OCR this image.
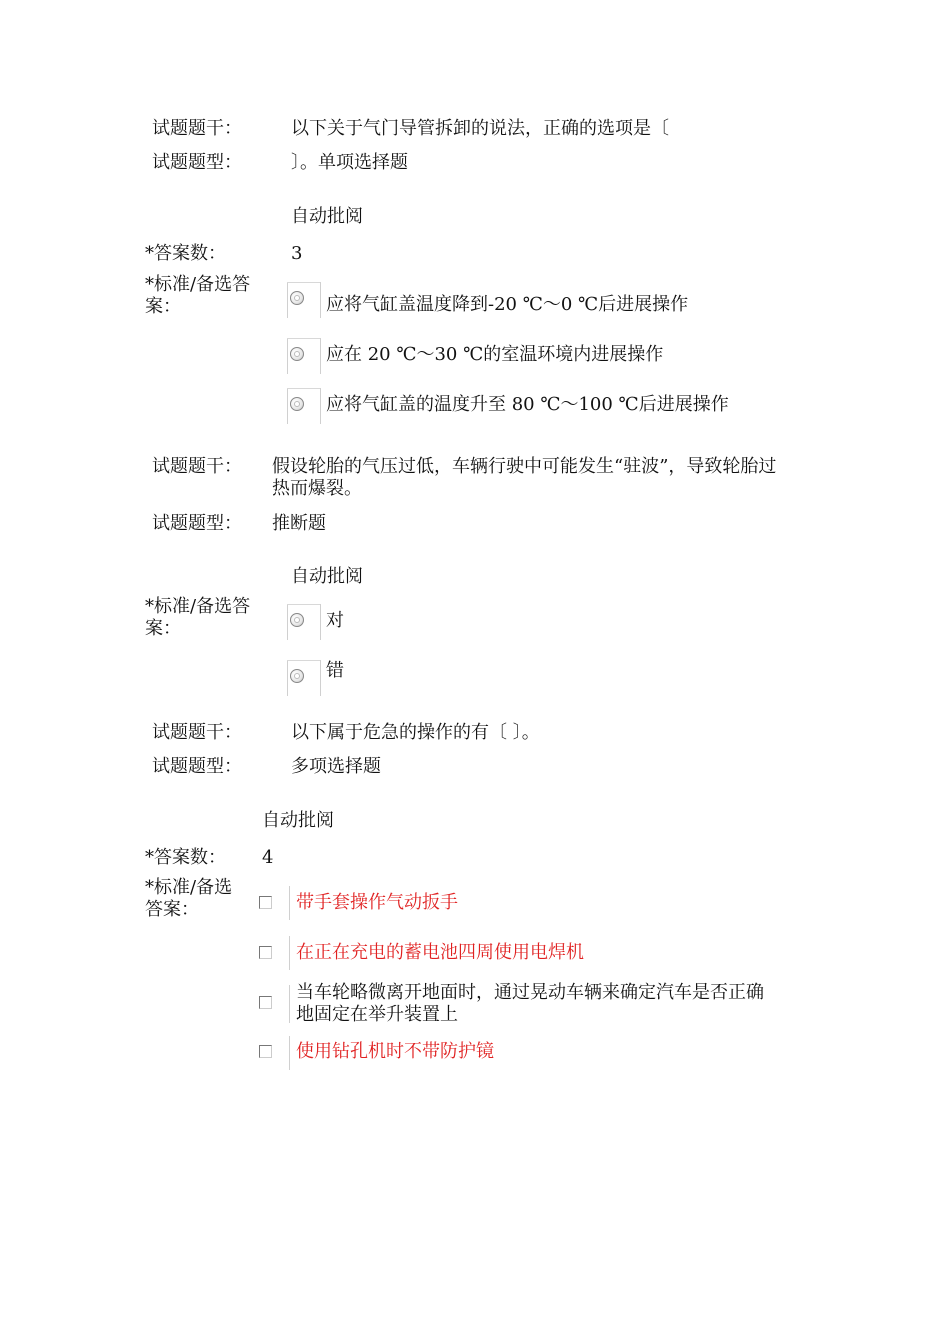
试题题干：	以下关于气门导管拆卸的说法，正确的选项是〔
试题题型：	〕。单项选择题
自动批阅
*答案数：	3
*标准/备选答
案：	应将气缸盖温度降到-20 ℃～0 ℃后进展操作
应在 20 ℃～30 ℃的室温环境内进展操作
应将气缸盖的温度升至 80 ℃～100 ℃后进展操作
试题题干： 假设轮胎的气压过低，车辆行驶中可能发生“驻波”，导致轮胎过热而爆裂。
试题题型： 推断题
自动批阅
*标准/备选答
案：	对
错
试题题干：	以下属于危急的操作的有〔 〕。
试题题型：	多项选择题
自动批阅
*答案数： 4
*标准/备选
答案：	带手套操作气动扳手
在正在充电的蓄电池四周使用电焊机
当车轮略微离开地面时，通过晃动车辆来确定汽车是否正确地固定在举升装置上
使用钻孔机时不带防护镜
